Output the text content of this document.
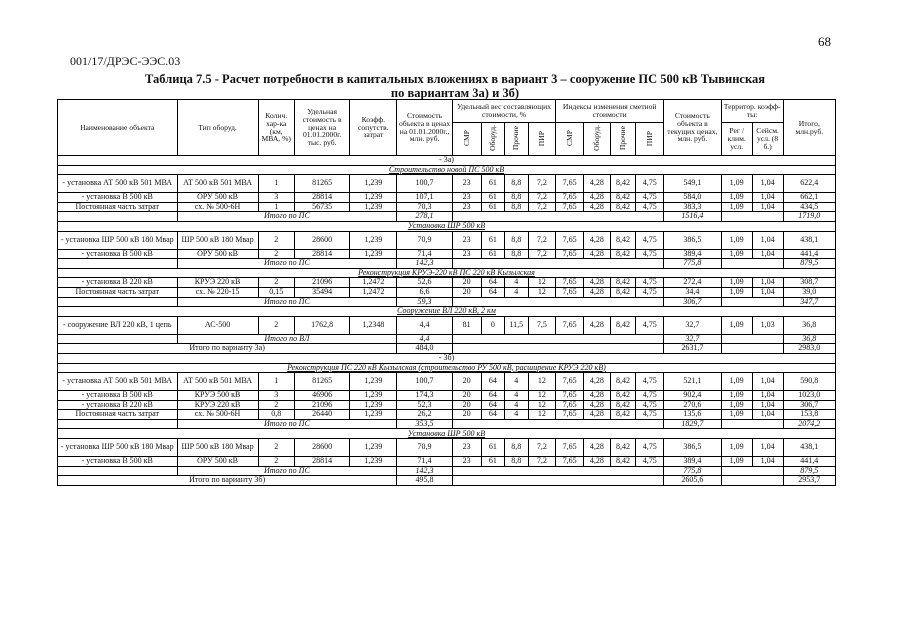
68
001/17/ДРЭС-ЭЭС.03
Таблица 7.5 - Расчет потребности в капитальных вложениях в вариант 3 – сооружение ПС 500 кВ Тывинская
по вариантам 3а) и 3б)
Наименование объекта	Тип оборуд.	Колич. хар-ка (км, МВА, %)	Удельная стоимость в ценах на 01.01.2000г. тыс. руб.	Коэфф. сопутств. затрат	Стоимость объекта в ценах на 01.01.2000г., млн. руб.	Удельный вес составляющих стоимости, %				Индексы изменения сметной стоимости				Стоимость объекта в текущих ценах, млн. руб.	Территор. коэфф-ты:		Итого, млн.руб.
						СМР	Оборуд.	Прочие	ПИР	СМР	Оборуд.	Прочие	ПИР		Рег / клим. усл.	Сейсм. усл. (8 б.)	
- 3а)																	
Строительство новой ПС 500 кВ																	
- установка АТ 500 кВ 501 МВА	АТ 500 кВ 501 МВА	1	81265	1,239	100,7	23	61	8,8	7,2	7,65	4,28	8,42	4,75	549,1	1,09	1,04	622,4
- установка В 500 кВ	ОРУ 500 кВ	3	28814	1,239	107,1	23	61	8,8	7,2	7,65	4,28	8,42	4,75	584,0	1,09	1,04	662,1
Постоянная часть затрат	сх. № 500-6Н	1	56735	1,239	70,3	23	61	8,8	7,2	7,65	4,28	8,42	4,75	383,3	1,09	1,04	434,5
	Итого по ПС				278,1									1516,4			1719,0
Установка ШР 500 кВ																	
- установка ШР 500 кВ 180 Мвар	ШР 500 кВ 180 Мвар	2	28600	1,239	70,9	23	61	8,8	7,2	7,65	4,28	8,42	4,75	386,5	1,09	1,04	438,1
- установка В 500 кВ	ОРУ 500 кВ	2	28814	1,239	71,4	23	61	8,8	7,2	7,65	4,28	8,42	4,75	389,4	1,09	1,04	441,4
	Итого по ПС				142,3									775,8			879,5
Реконструкция КРУЭ-220 кВ ПС 220 кВ Кызылская																	
- установка В 220 кВ	КРУЭ 220 кВ	2	21096	1,2472	52,6	20	64	4	12	7,65	4,28	8,42	4,75	272,4	1,09	1,04	308,7
Постоянная часть затрат	сх. № 220-15	0,15	35494	1,2472	6,6	20	64	4	12	7,65	4,28	8,42	4,75	34,4	1,09	1,04	39,0
	Итого по ПС				59,3									306,7			347,7
Сооружение ВЛ 220 кВ, 2 км																	
- сооружение ВЛ 220 кВ, 1 цепь	АС-500	2	1762,8	1,2348	4,4	81	0	11,5	7,5	7,65	4,28	8,42	4,75	32,7	1,09	1,03	36,8
	Итого по ВЛ				4,4									32,7			36,8
Итого по варианту 3а)					484,0									2631,7			2983,0
- 3б)																	
Реконструкция ПС 220 кВ Кызылская (строительство РУ 500 кВ, расширение КРУЭ 220 кВ)																	
- установка АТ 500 кВ 501 МВА	АТ 500 кВ 501 МВА	1	81265	1,239	100,7	20	64	4	12	7,65	4,28	8,42	4,75	521,1	1,09	1,04	590,8
- установка В 500 кВ	КРУЭ 500 кВ	3	46906	1,239	174,3	20	64	4	12	7,65	4,28	8,42	4,75	902,4	1,09	1,04	1023,0
- установка В 220 кВ	КРУЭ 220 кВ	2	21096	1,239	52,3	20	64	4	12	7,65	4,28	8,42	4,75	270,6	1,09	1,04	306,7
Постоянная часть затрат	сх. № 500-6Н	0,8	26440	1,239	26,2	20	64	4	12	7,65	4,28	8,42	4,75	135,6	1,09	1,04	153,8
	Итого по ПС				353,5									1829,7			2074,2
Установка ШР 500 кВ																	
- установка ШР 500 кВ 180 Мвар	ШР 500 кВ 180 Мвар	2	28600	1,239	70,9	23	61	8,8	7,2	7,65	4,28	8,42	4,75	386,5	1,09	1,04	438,1
- установка В 500 кВ	ОРУ 500 кВ	2	28814	1,239	71,4	23	61	8,8	7,2	7,65	4,28	8,42	4,75	389,4	1,09	1,04	441,4
	Итого по ПС				142,3									775,8			879,5
Итого по варианту 3б)					495,8									2605,6			2953,7
